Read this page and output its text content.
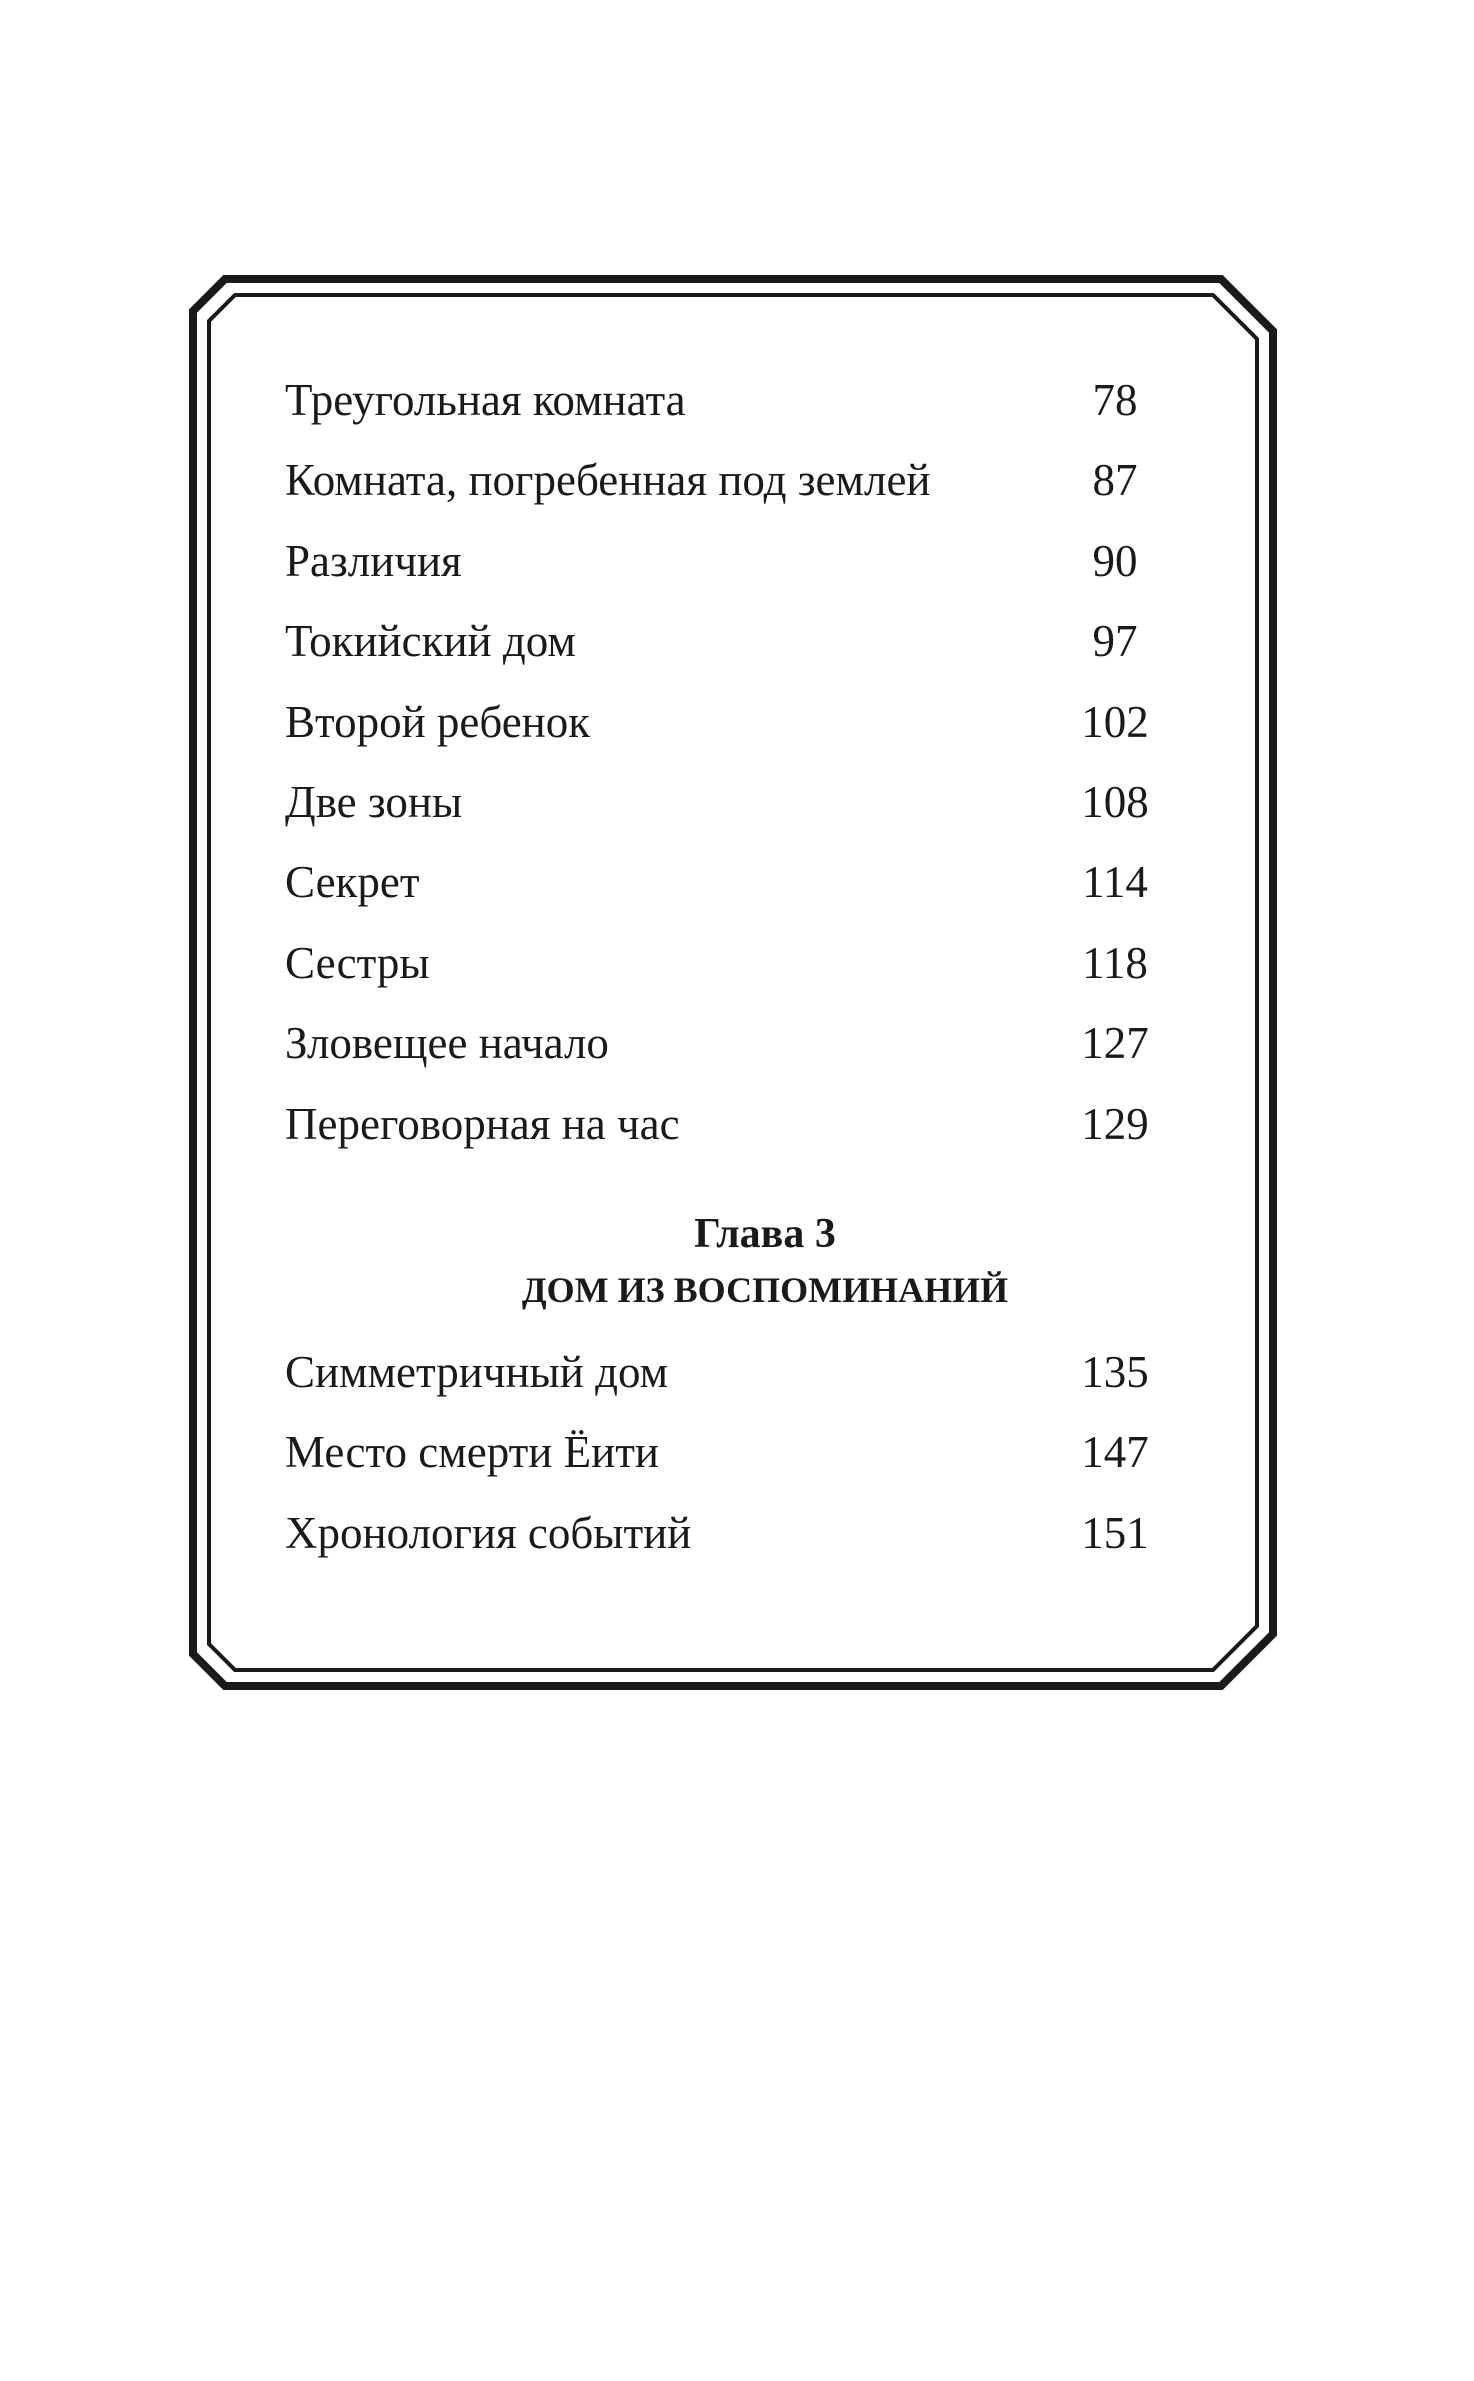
Треугольная комната	78
Комната, погребенная под землей	87
Различия	90
Токийский дом	97
Второй ребенок	102
Две зоны	108
Секрет	114
Сестры	118
Зловещее начало	127
Переговорная на час	129
Глава 3
ДОМ ИЗ ВОСПОМИНАНИЙ
Симметричный дом	135
Место смерти Ёити	147
Хронология событий	151
